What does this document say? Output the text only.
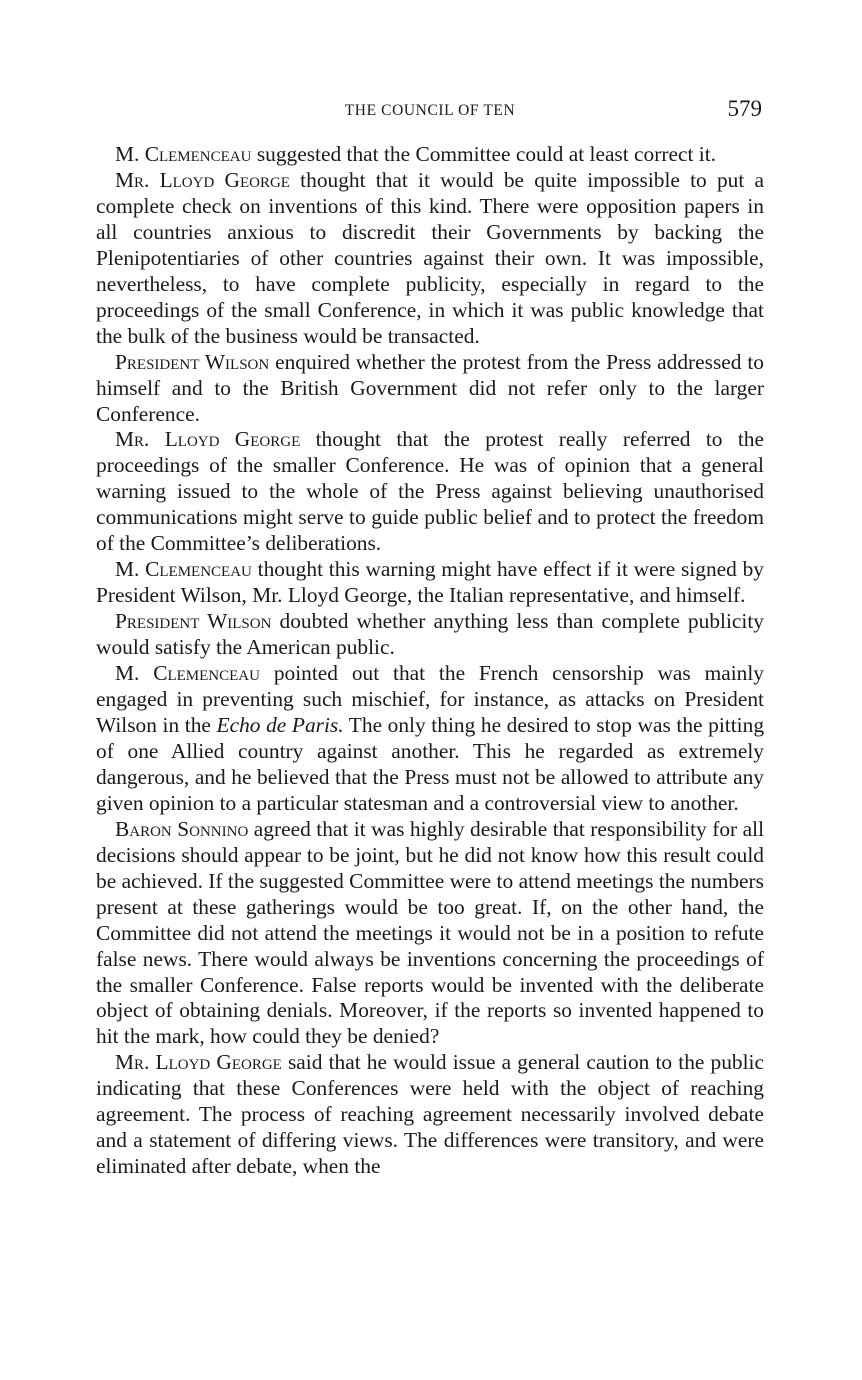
THE COUNCIL OF TEN	579

M. Clemenceau suggested that the Committee could at least correct it.

Mr. Lloyd George thought that it would be quite impossible to put a complete check on inventions of this kind. There were opposition papers in all countries anxious to discredit their Governments by backing the Plenipotentiaries of other countries against their own. It was impossible, nevertheless, to have complete publicity, especially in regard to the proceedings of the small Conference, in which it was public knowledge that the bulk of the business would be transacted.

President Wilson enquired whether the protest from the Press addressed to himself and to the British Government did not refer only to the larger Conference.

Mr. Lloyd George thought that the protest really referred to the proceedings of the smaller Conference. He was of opinion that a general warning issued to the whole of the Press against believing unauthorised communications might serve to guide public belief and to protect the freedom of the Committee’s deliberations.

M. Clemenceau thought this warning might have effect if it were signed by President Wilson, Mr. Lloyd George, the Italian representative, and himself.

President Wilson doubted whether anything less than complete publicity would satisfy the American public.

M. Clemenceau pointed out that the French censorship was mainly engaged in preventing such mischief, for instance, as attacks on President Wilson in the Echo de Paris. The only thing he desired to stop was the pitting of one Allied country against another. This he regarded as extremely dangerous, and he believed that the Press must not be allowed to attribute any given opinion to a particular statesman and a controversial view to another.

Baron Sonnino agreed that it was highly desirable that responsibility for all decisions should appear to be joint, but he did not know how this result could be achieved. If the suggested Committee were to attend meetings the numbers present at these gatherings would be too great. If, on the other hand, the Committee did not attend the meetings it would not be in a position to refute false news. There would always be inventions concerning the proceedings of the smaller Conference. False reports would be invented with the deliberate object of obtaining denials. Moreover, if the reports so invented happened to hit the mark, how could they be denied?

Mr. Lloyd George said that he would issue a general caution to the public indicating that these Conferences were held with the object of reaching agreement. The process of reaching agreement necessarily involved debate and a statement of differing views. The differences were transitory, and were eliminated after debate, when the
